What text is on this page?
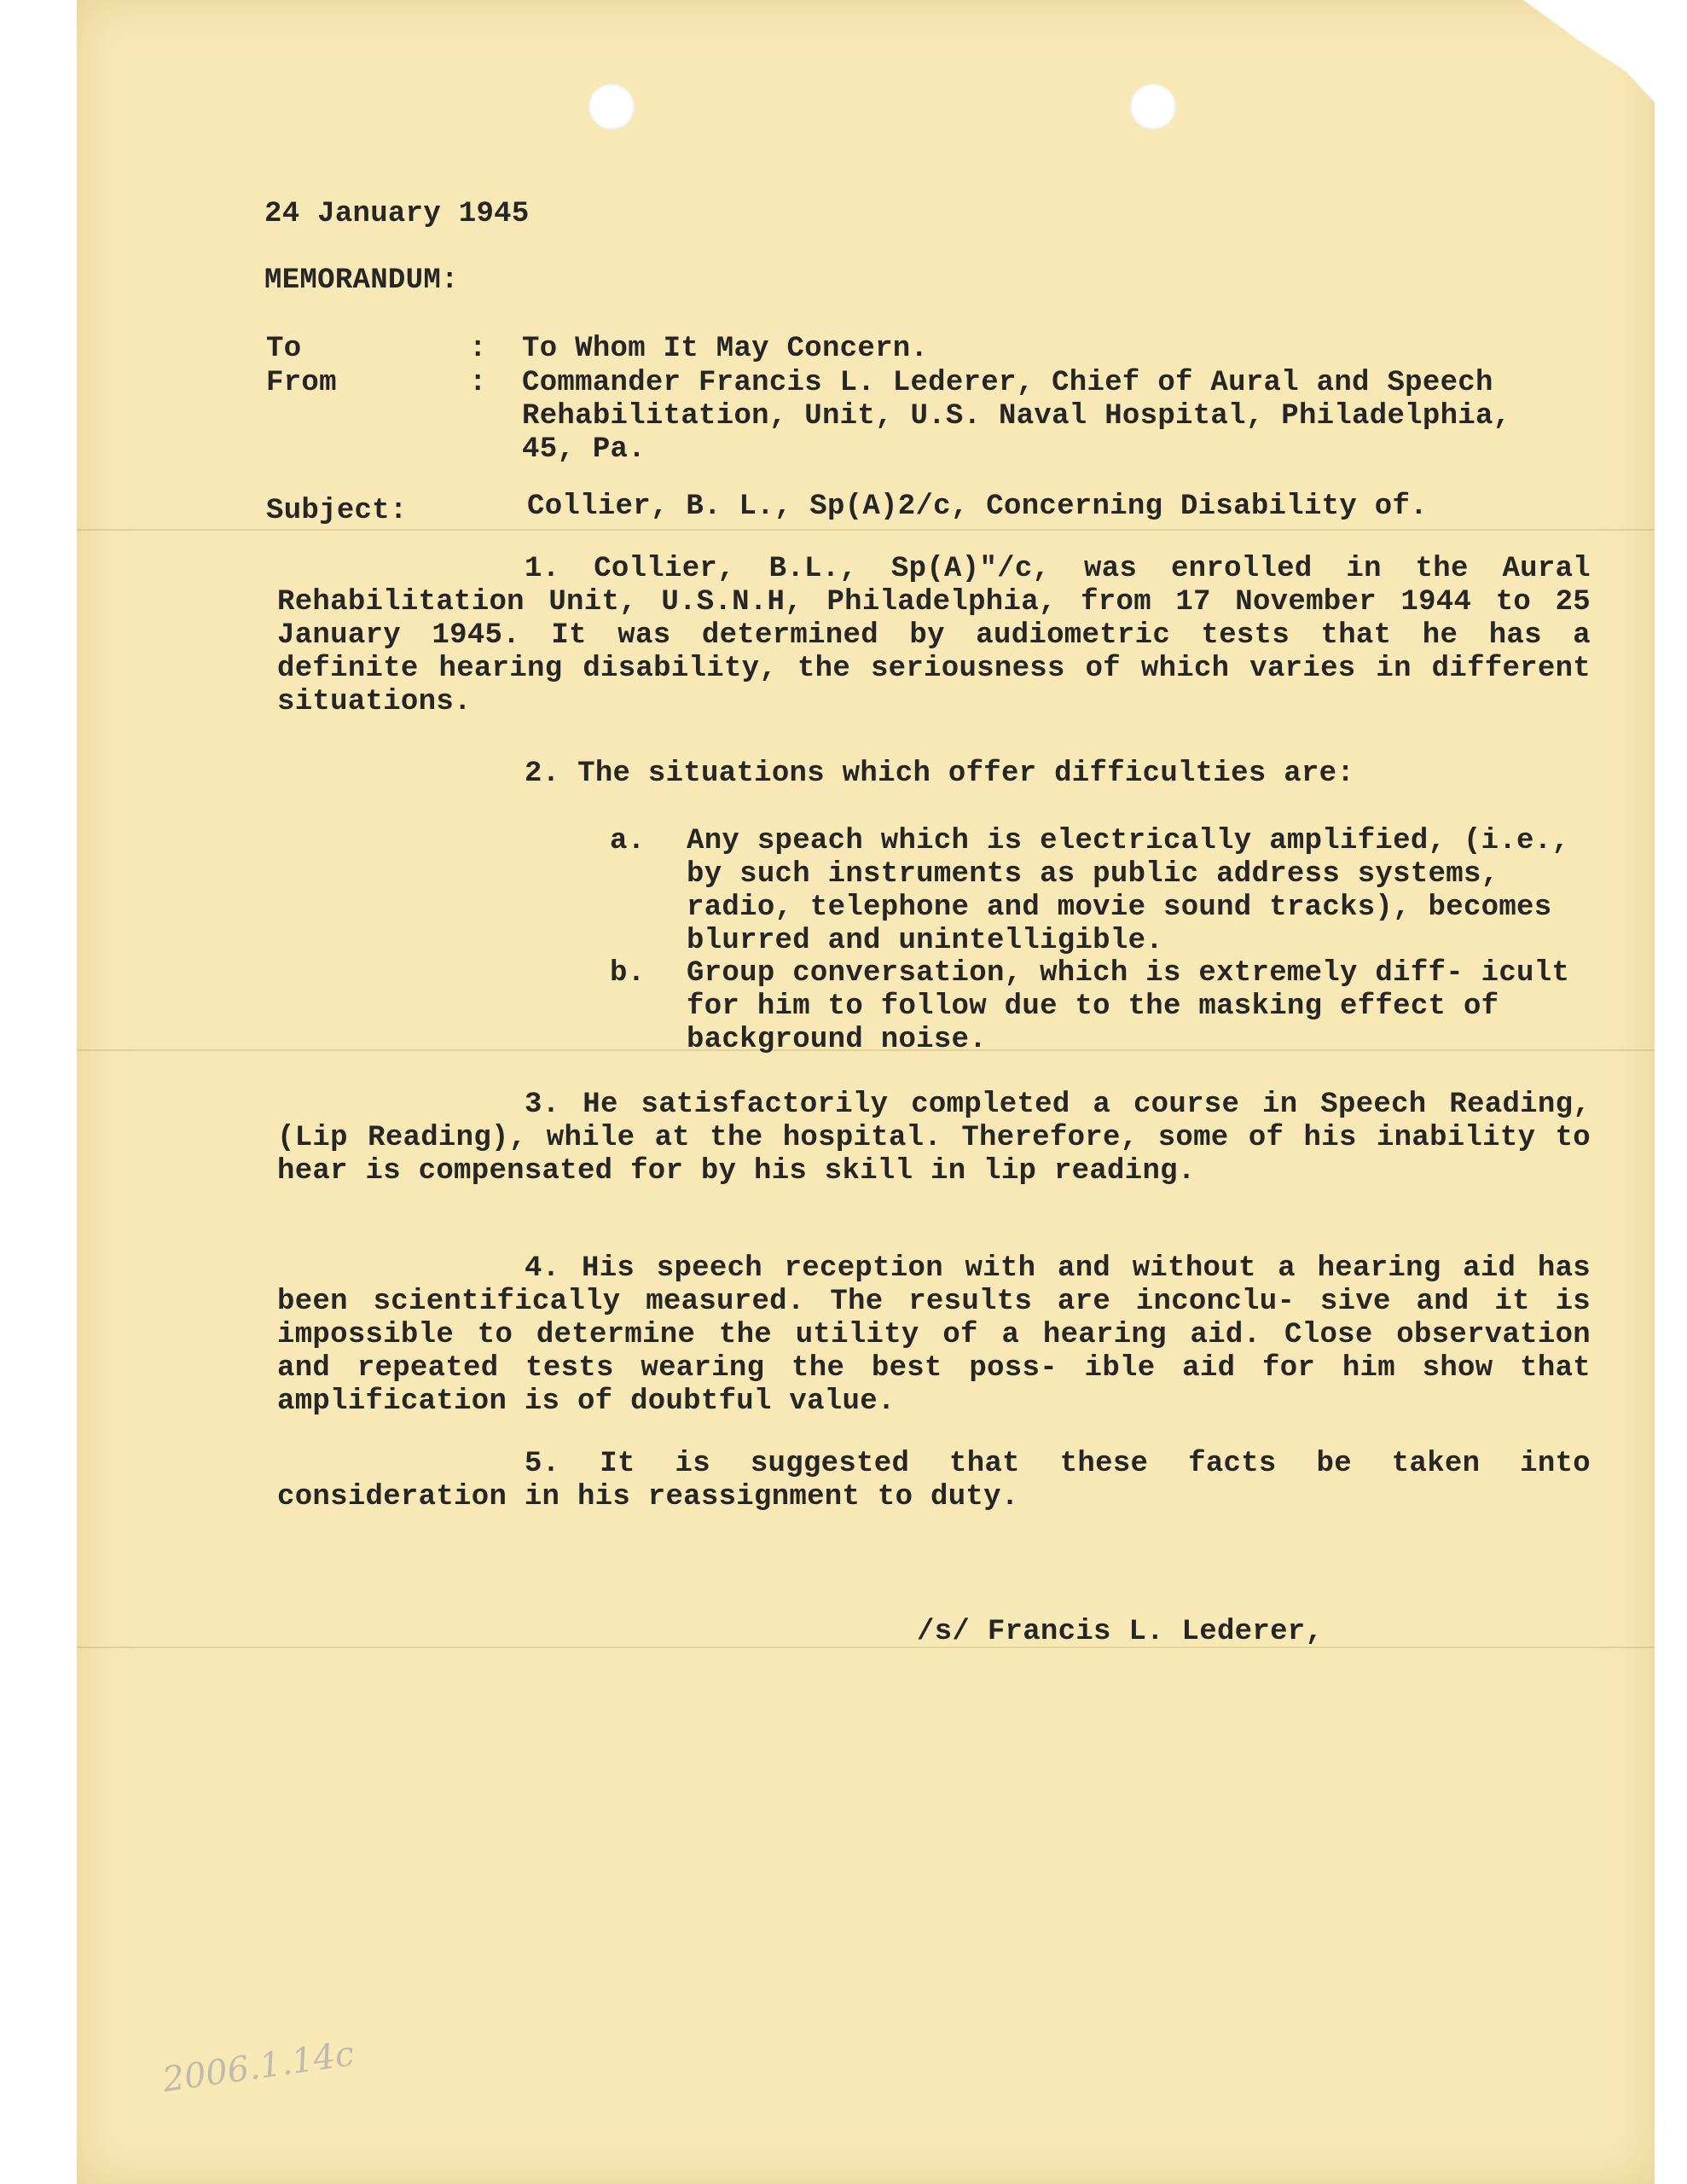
24 January 1945
MEMORANDUM:
To	: To Whom It May Concern.
From	: Commander Francis L. Lederer, Chief of Aural and Speech Rehabilitation, Unit, U.S. Naval Hospital, Philadelphia, 45, Pa.
Subject:	Collier, B. L., Sp(A)2/c, Concerning Disability of.
1. Collier, B.L., Sp(A)"/c, was enrolled in the Aural Rehabilitation Unit, U.S.N.H, Philadelphia, from 17 November 1944 to 25 January 1945. It was determined by audiometric tests that he has a definite hearing disability, the seriousness of which varies in different situations.
2. The situations which offer difficulties are:
a. Any speach which is electrically amplified, (i.e., by such instruments as public address systems, radio, telephone and movie sound tracks), becomes blurred and unintelligible.
b. Group conversation, which is extremely diff- icult for him to follow due to the masking effect of background noise.
3. He satisfactorily completed a course in Speech Reading, (Lip Reading), while at the hospital. Therefore, some of his inability to hear is compensated for by his skill in lip reading.
4. His speech reception with and without a hearing aid has been scientifically measured. The results are inconclu- sive and it is impossible to determine the utility of a hearing aid. Close observation and repeated tests wearing the best poss- ible aid for him show that amplification is of doubtful value.
5. It is suggested that these facts be taken into consideration in his reassignment to duty.
/s/ Francis L. Lederer,
2006.1.14c
